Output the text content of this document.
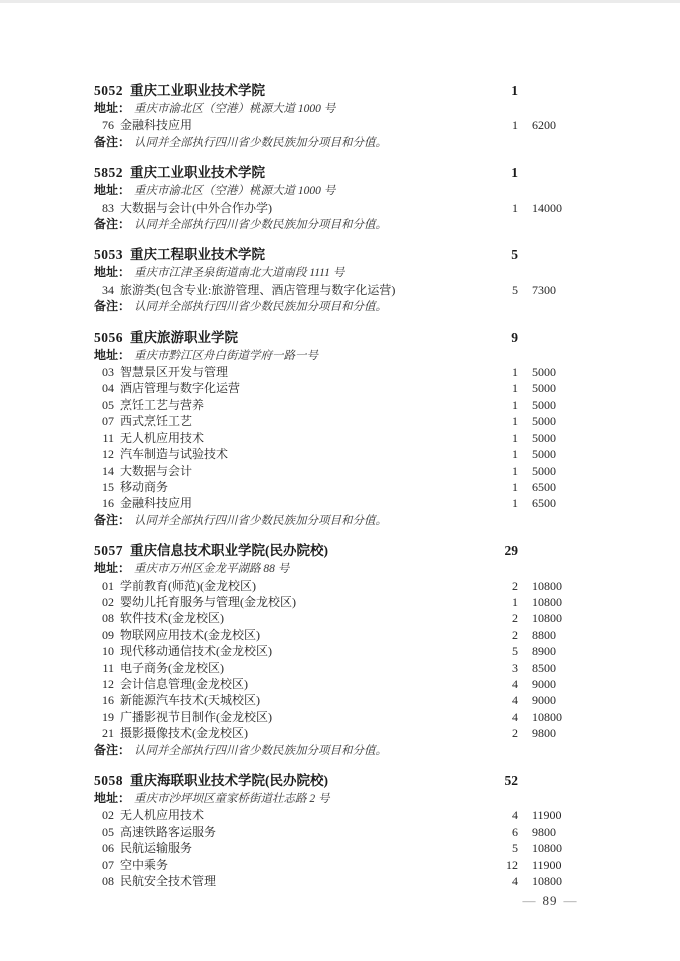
5052 重庆工业职业技术学院	1
地址： 重庆市渝北区（空港）桃源大道 1000 号
76 金融科技应用	1 6200
备注： 认同并全部执行四川省少数民族加分项目和分值。
5852 重庆工业职业技术学院	1
地址： 重庆市渝北区（空港）桃源大道 1000 号
83 大数据与会计(中外合作办学)	1 14000
备注： 认同并全部执行四川省少数民族加分项目和分值。
5053 重庆工程职业技术学院	5
地址： 重庆市江津圣泉街道南北大道南段 1111 号
34 旅游类(包含专业:旅游管理、酒店管理与数字化运营)	5 7300
备注： 认同并全部执行四川省少数民族加分项目和分值。
5056 重庆旅游职业学院	9
地址： 重庆市黔江区舟白街道学府一路一号
03 智慧景区开发与管理	1 5000
04 酒店管理与数字化运营	1 5000
05 烹饪工艺与营养	1 5000
07 西式烹饪工艺	1 5000
11 无人机应用技术	1 5000
12 汽车制造与试验技术	1 5000
14 大数据与会计	1 5000
15 移动商务	1 6500
16 金融科技应用	1 6500
备注： 认同并全部执行四川省少数民族加分项目和分值。
5057 重庆信息技术职业学院(民办院校)	29
地址： 重庆市万州区金龙平湖路 88 号
01 学前教育(师范)(金龙校区)	2 10800
02 婴幼儿托育服务与管理(金龙校区)	1 10800
08 软件技术(金龙校区)	2 10800
09 物联网应用技术(金龙校区)	2 8800
10 现代移动通信技术(金龙校区)	5 8900
11 电子商务(金龙校区)	3 8500
12 会计信息管理(金龙校区)	4 9000
16 新能源汽车技术(天城校区)	4 9000
19 广播影视节目制作(金龙校区)	4 10800
21 摄影摄像技术(金龙校区)	2 9800
备注： 认同并全部执行四川省少数民族加分项目和分值。
5058 重庆海联职业技术学院(民办院校)	52
地址： 重庆市沙坪坝区童家桥街道壮志路 2 号
02 无人机应用技术	4 11900
05 高速铁路客运服务	6 9800
06 民航运输服务	5 10800
07 空中乘务	12 11900
08 民航安全技术管理	4 10800
— 89 —
